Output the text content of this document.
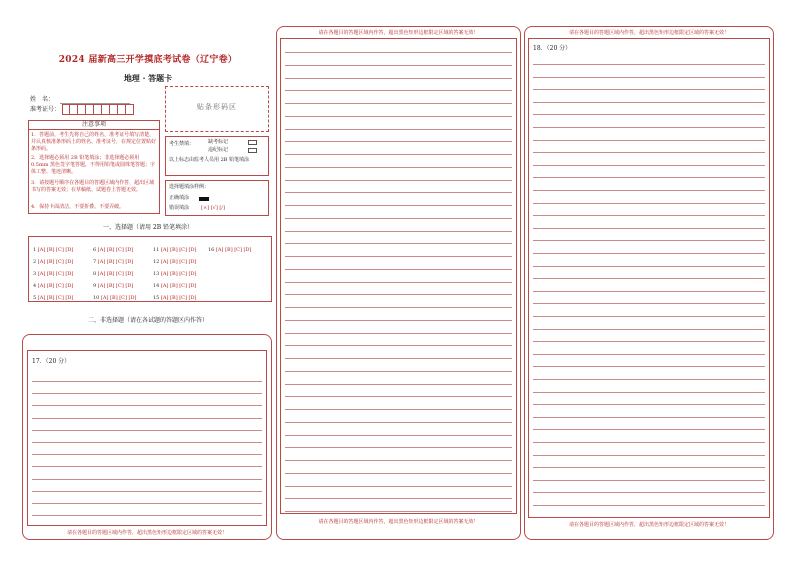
2024 届新高三开学摸底考试卷（辽宁卷）
地理 · 答题卡
姓　名：
准考证号：	贴条形码区
注意事项
1．答题前，考生先将自己的姓名，准考证号填写清楚，并认真核准条形码上的姓名、准考证号，在规定位置贴好条形码。
2．选择题必须用 2B 铅笔填涂；非选择题必须用 0.5mm 黑色签字笔答题，不得用铅笔或圆珠笔答题；字体工整、笔迹清晰。
3．请按题号顺序在各题目的答题区域内作答，超出区域书写的答案无效；在草稿纸、试题卷上答题无效。
4．保持卡面清洁，不要折叠、不要弄破。
考生禁填：	缺考标记
违纪标记
以上标志由监考人员用 2B 铅笔填涂
选择题填涂样例：
正确填涂
错误填涂 [×] [√] [/]
一、选择题（请用 2B 铅笔填涂）
1 [A] [B] [C] [D]
2 [A] [B] [C] [D]
3 [A] [B] [C] [D]
4 [A] [B] [C] [D]
5 [A] [B] [C] [D]
6 [A] [B] [C] [D]
7 [A] [B] [C] [D]
8 [A] [B] [C] [D]
9 [A] [B] [C] [D]
10 [A] [B] [C] [D]
11 [A] [B] [C] [D]
12 [A] [B] [C] [D]
13 [A] [B] [C] [D]
14 [A] [B] [C] [D]
15 [A] [B] [C] [D]
16 [A] [B] [C] [D]
二、非选择题（请在各试题的答题区内作答）
17．（20 分）
请在各题目的答题区域内作答，超出黑色矩形边框限定区域的答案无效！
请在各题目的答题区域内作答，超出黑色矩形边框限定区域的答案无效！
请在各题目的答题区域内作答，超出黑色矩形边框限定区域的答案无效！
请在各题目的答题区域内作答，超出黑色矩形边框限定区域的答案无效！
18．（20 分）
请在各题目的答题区域内作答，超出黑色矩形边框限定区域的答案无效！
